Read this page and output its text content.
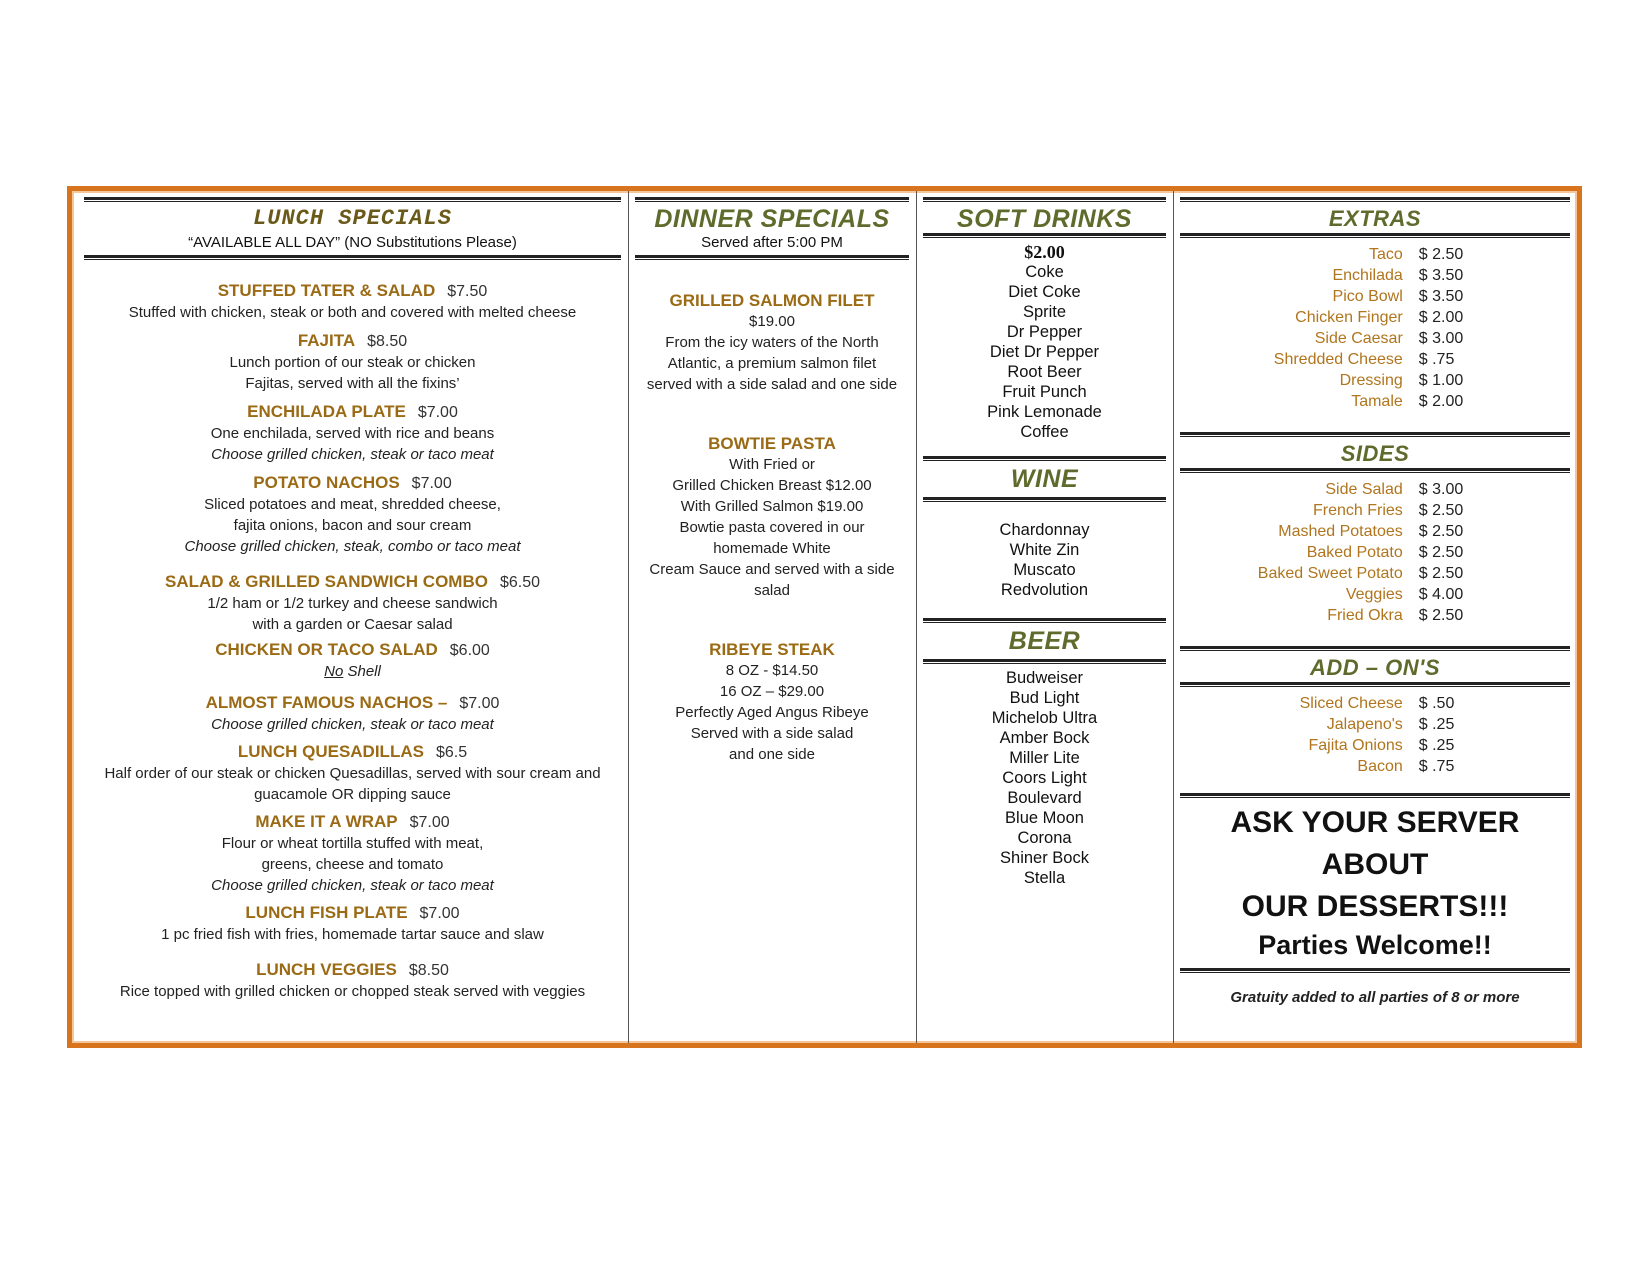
LUNCH SPECIALS
“AVAILABLE ALL DAY” (NO Substitutions Please)
STUFFED TATER & SALAD $7.50
Stuffed with chicken, steak or both and covered with melted cheese
FAJITA $8.50
Lunch portion of our steak or chicken
Fajitas, served with all the fixins’
ENCHILADA PLATE $7.00
One enchilada, served with rice and beans
Choose grilled chicken, steak or taco meat
POTATO NACHOS $7.00
Sliced potatoes and meat, shredded cheese,
fajita onions, bacon and sour cream
Choose grilled chicken, steak, combo or taco meat
SALAD & GRILLED SANDWICH COMBO $6.50
1/2 ham or 1/2 turkey and cheese sandwich
with a garden or Caesar salad
CHICKEN OR TACO SALAD $6.00
No Shell
ALMOST FAMOUS NACHOS – $7.00
Choose grilled chicken, steak or taco meat
LUNCH QUESADILLAS $6.5
Half order of our steak or chicken Quesadillas, served with sour cream and
guacamole OR dipping sauce
MAKE IT A WRAP $7.00
Flour or wheat tortilla stuffed with meat,
greens, cheese and tomato
Choose grilled chicken, steak or taco meat
LUNCH FISH PLATE $7.00
1 pc fried fish with fries, homemade tartar sauce and slaw
LUNCH VEGGIES $8.50
Rice topped with grilled chicken or chopped steak served with veggies
DINNER SPECIALS
Served after 5:00 PM
GRILLED SALMON FILET
$19.00
From the icy waters of the North
Atlantic, a premium salmon filet
served with a side salad and one side
BOWTIE PASTA
With Fried or
Grilled Chicken Breast $12.00
With Grilled Salmon $19.00
Bowtie pasta covered in our
homemade White
Cream Sauce and served with a side
salad
RIBEYE STEAK
8 OZ - $14.50
16 OZ – $29.00
Perfectly Aged Angus Ribeye
Served with a side salad
and one side
SOFT DRINKS
$2.00
Coke
Diet Coke
Sprite
Dr Pepper
Diet Dr Pepper
Root Beer
Fruit Punch
Pink Lemonade
Coffee
WINE
Chardonnay
White Zin
Muscato
Redvolution
BEER
Budweiser
Bud Light
Michelob Ultra
Amber Bock
Miller Lite
Coors Light
Boulevard
Blue Moon
Corona
Shiner Bock
Stella
EXTRAS
Taco	$ 2.50
Enchilada	$ 3.50
Pico Bowl	$ 3.50
Chicken Finger	$ 2.00
Side Caesar	$ 3.00
Shredded Cheese	$ .75
Dressing	$ 1.00
Tamale	$ 2.00
SIDES
Side Salad	$ 3.00
French Fries	$ 2.50
Mashed Potatoes	$ 2.50
Baked Potato	$ 2.50
Baked Sweet Potato	$ 2.50
Veggies	$ 4.00
Fried Okra	$ 2.50
ADD – ON'S
Sliced Cheese	$ .50
Jalapeno's	$ .25
Fajita Onions	$ .25
Bacon	$ .75
ASK YOUR SERVER ABOUT
OUR DESSERTS!!!
Parties Welcome!!
Gratuity added to all parties of 8 or more
